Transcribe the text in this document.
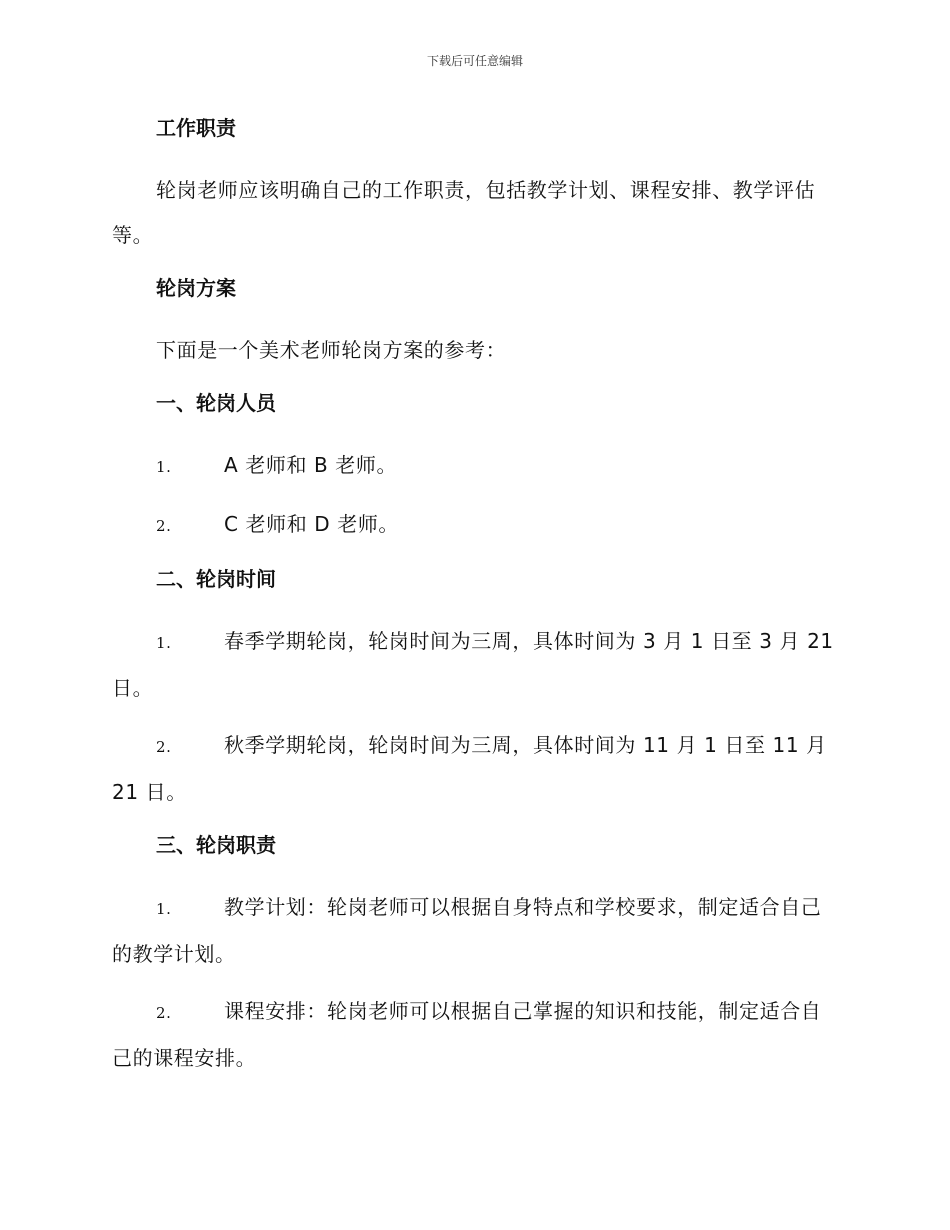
下载后可任意编辑
工作职责
轮岗老师应该明确自己的工作职责，包括教学计划、课程安排、教学评估等。
轮岗方案
下面是一个美术老师轮岗方案的参考：
一、轮岗人员
1.	A 老师和 B 老师。
2.	C 老师和 D 老师。
二、轮岗时间
1.	春季学期轮岗，轮岗时间为三周，具体时间为 3 月 1 日至 3 月 21 日。
2.	秋季学期轮岗，轮岗时间为三周，具体时间为 11 月 1 日至 11 月 21 日。
三、轮岗职责
1.	教学计划：轮岗老师可以根据自身特点和学校要求，制定适合自己的教学计划。
2.	课程安排：轮岗老师可以根据自己掌握的知识和技能，制定适合自己的课程安排。
